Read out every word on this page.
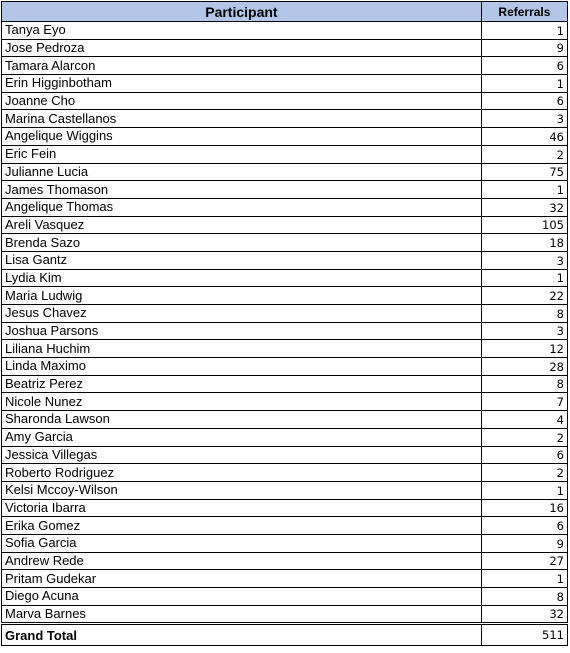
Participant	Referrals
Tanya Eyo	1
Jose Pedroza	9
Tamara Alarcon	6
Erin Higginbotham	1
Joanne Cho	6
Marina Castellanos	3
Angelique Wiggins	46
Eric Fein	2
Julianne Lucia	75
James Thomason	1
Angelique Thomas	32
Areli Vasquez	105
Brenda Sazo	18
Lisa Gantz	3
Lydia Kim	1
Maria Ludwig	22
Jesus Chavez	8
Joshua Parsons	3
Liliana Huchim	12
Linda Maximo	28
Beatriz Perez	8
Nicole Nunez	7
Sharonda Lawson	4
Amy Garcia	2
Jessica Villegas	6
Roberto Rodriguez	2
Kelsi Mccoy-Wilson	1
Victoria Ibarra	16
Erika Gomez	6
Sofia Garcia	9
Andrew Rede	27
Pritam Gudekar	1
Diego Acuna	8
Marva Barnes	32
Grand Total	511
